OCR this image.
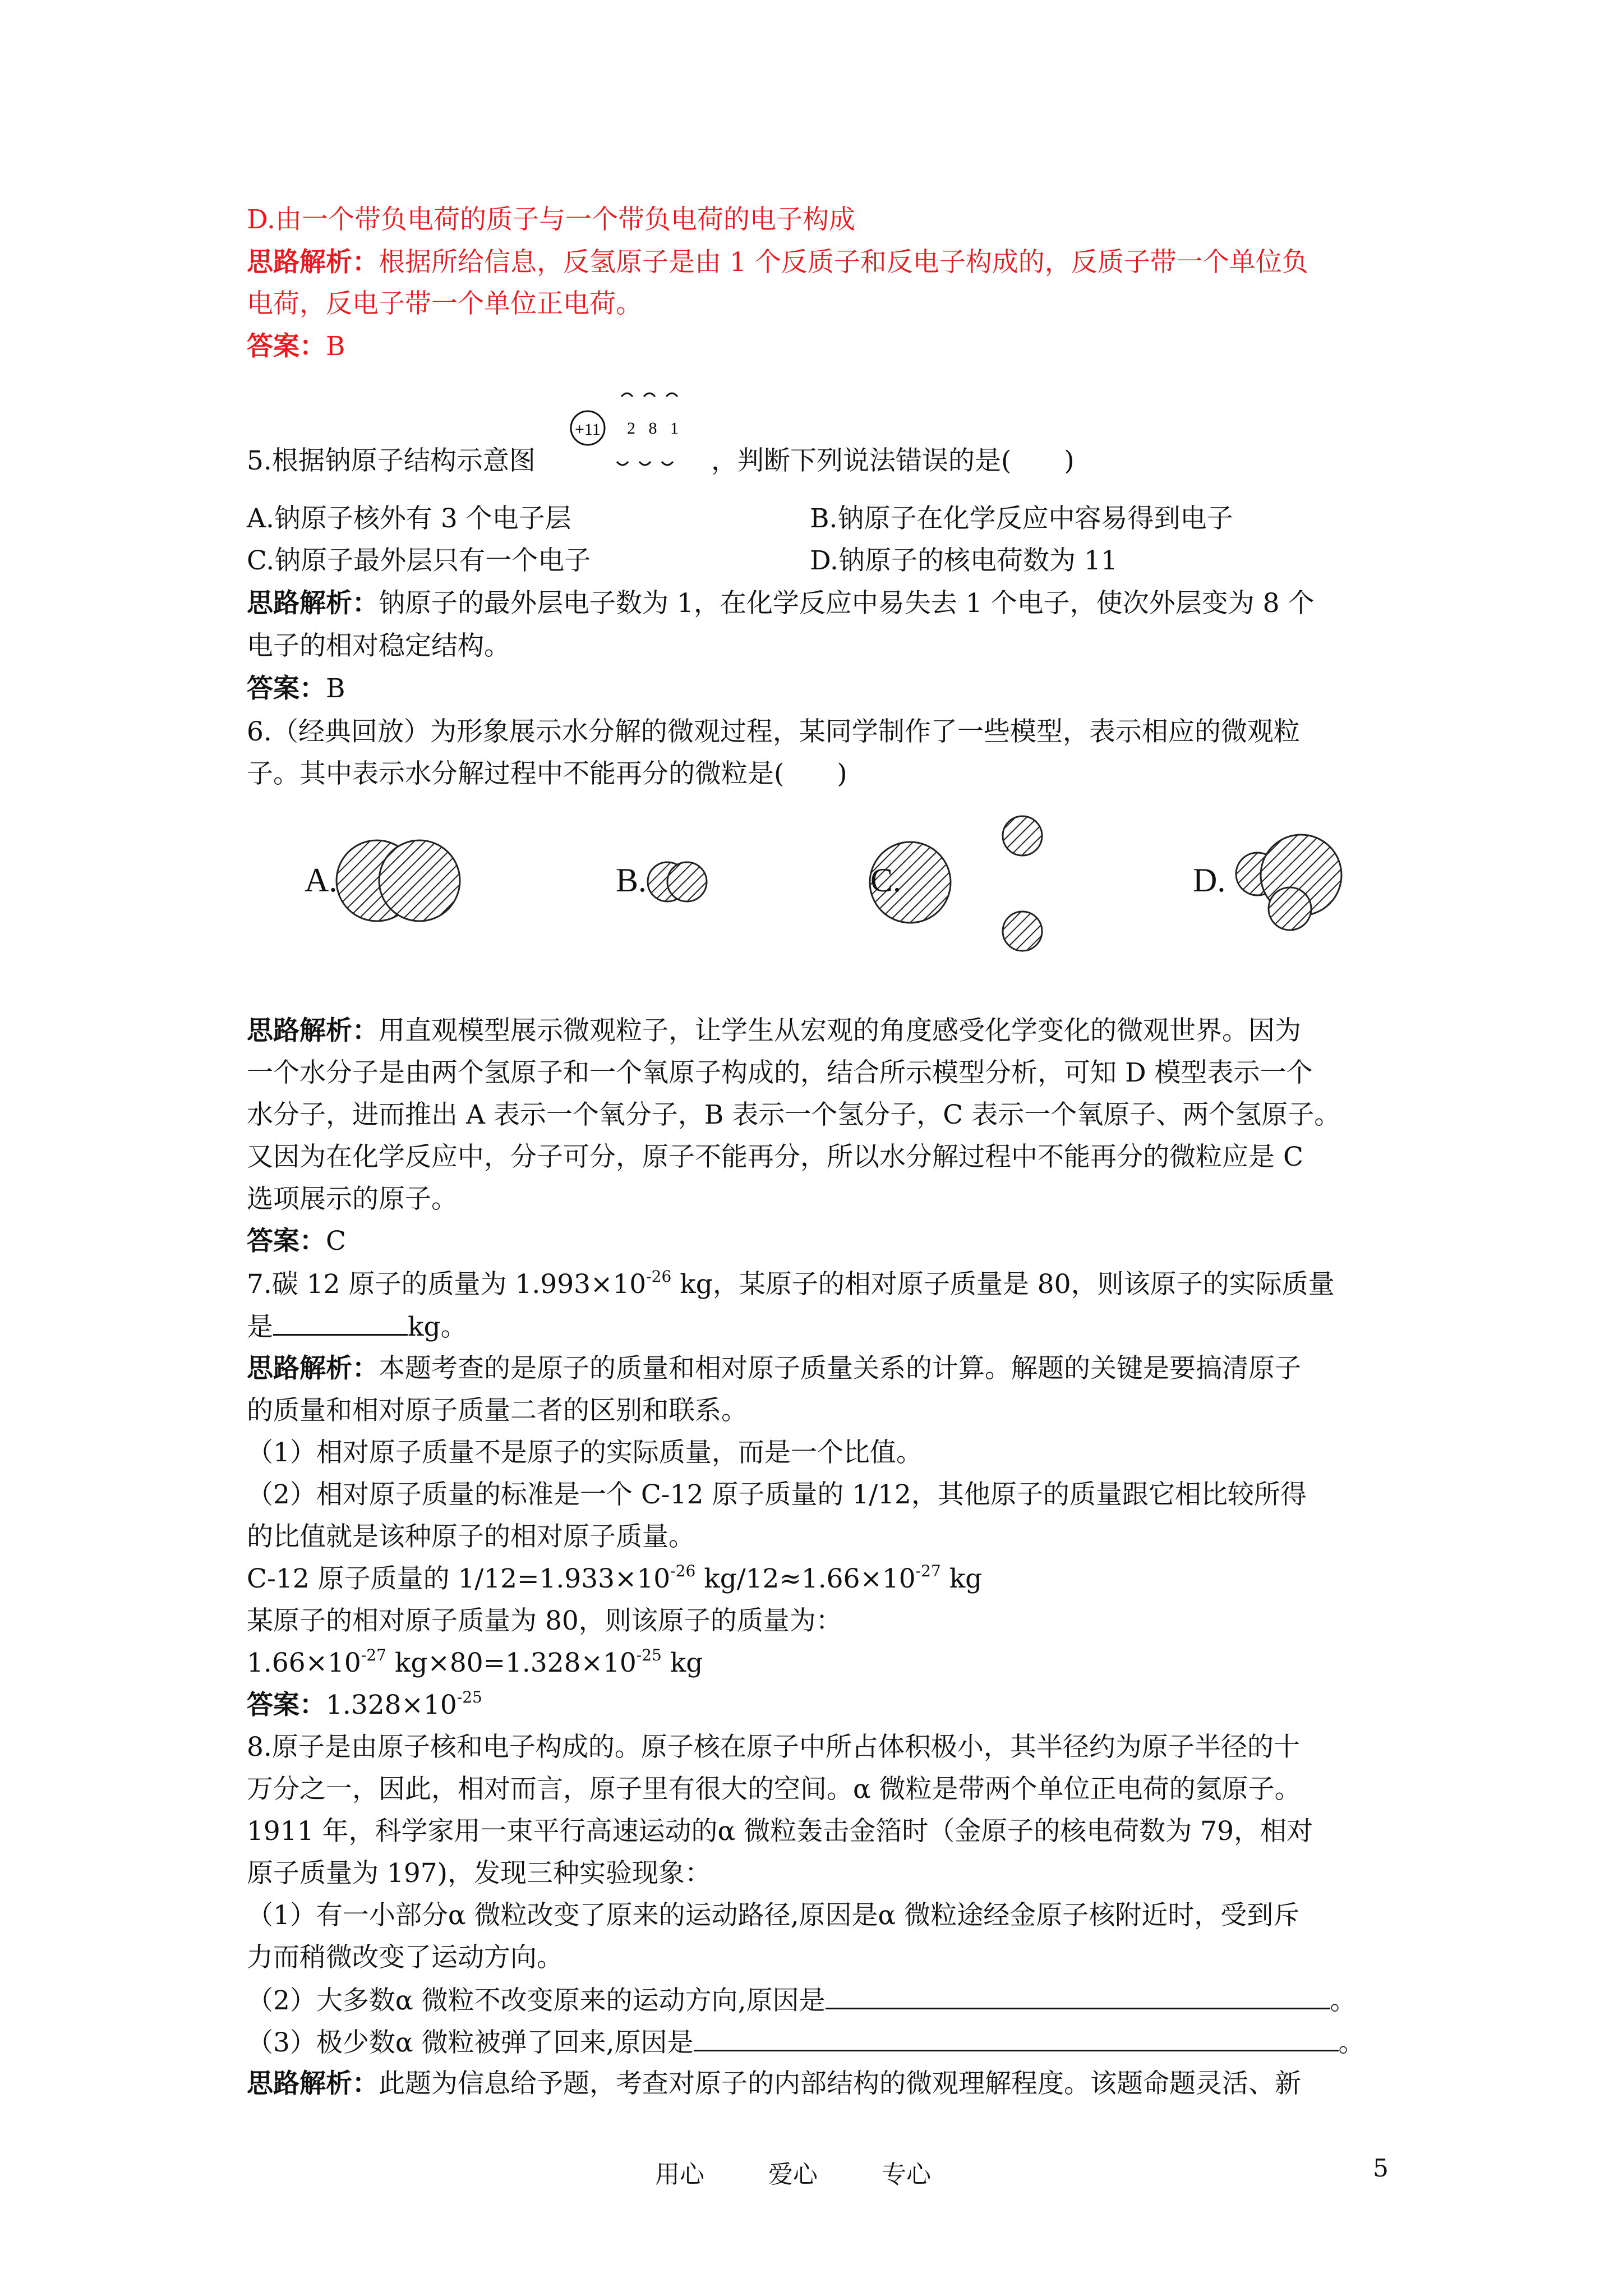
D.由一个带负电荷的质子与一个带负电荷的电子构成
思路解析：根据所给信息，反氢原子是由 1 个反质子和反电子构成的，反质子带一个单位负
电荷，反电子带一个单位正电荷。
答案：B
5.根据钠原子结构示意图
+11 2 8 1
，判断下列说法错误的是(　　)
A.钠原子核外有 3 个电子层	B.钠原子在化学反应中容易得到电子
C.钠原子最外层只有一个电子	D.钠原子的核电荷数为 11
思路解析：钠原子的最外层电子数为 1，在化学反应中易失去 1 个电子，使次外层变为 8 个
电子的相对稳定结构。
答案：B
6.（经典回放）为形象展示水分解的微观过程，某同学制作了一些模型，表示相应的微观粒
子。其中表示水分解过程中不能再分的微粒是(　　)
A.	B.	C.	D.
思路解析：用直观模型展示微观粒子，让学生从宏观的角度感受化学变化的微观世界。因为
一个水分子是由两个氢原子和一个氧原子构成的，结合所示模型分析，可知 D 模型表示一个
水分子，进而推出 A 表示一个氧分子，B 表示一个氢分子，C 表示一个氧原子、两个氢原子。
又因为在化学反应中，分子可分，原子不能再分，所以水分解过程中不能再分的微粒应是 C
选项展示的原子。
答案：C
7.碳 12 原子的质量为 $1.993\times 10^{-26}$ kg，某原子的相对原子质量是 80，则该原子的实际质量
是	kg。
思路解析：本题考查的是原子的质量和相对原子质量关系的计算。解题的关键是要搞清原子
的质量和相对原子质量二者的区别和联系。
（1）相对原子质量不是原子的实际质量，而是一个比值。
（2）相对原子质量的标准是一个 C-12 原子质量的 1/12，其他原子的质量跟它相比较所得
的比值就是该种原子的相对原子质量。
C-12 原子质量的 $1/12=1.933\times 10^{-26}$ $kg/12\approx 1.66\times 10^{-27}$ kg
某原子的相对原子质量为 80，则该原子的质量为：
$1.66\times 10^{-27}$ $kg\times 80=1.328\times 10^{-25}$ kg
答案：$1.328\times 10^{-25}$
8.原子是由原子核和电子构成的。原子核在原子中所占体积极小，其半径约为原子半径的十
万分之一，因此，相对而言，原子里有很大的空间。α 微粒是带两个单位正电荷的氦原子。
1911 年，科学家用一束平行高速运动的α 微粒轰击金箔时（金原子的核电荷数为 79，相对
原子质量为 197)，发现三种实验现象：
（1）有一小部分α 微粒改变了原来的运动路径,原因是α 微粒途经金原子核附近时，受到斥
力而稍微改变了运动方向。
（2）大多数α 微粒不改变原来的运动方向,原因是	。
（3）极少数α 微粒被弹了回来,原因是	。
思路解析：此题为信息给予题，考查对原子的内部结构的微观理解程度。该题命题灵活、新
用心	爱心	专心	5
